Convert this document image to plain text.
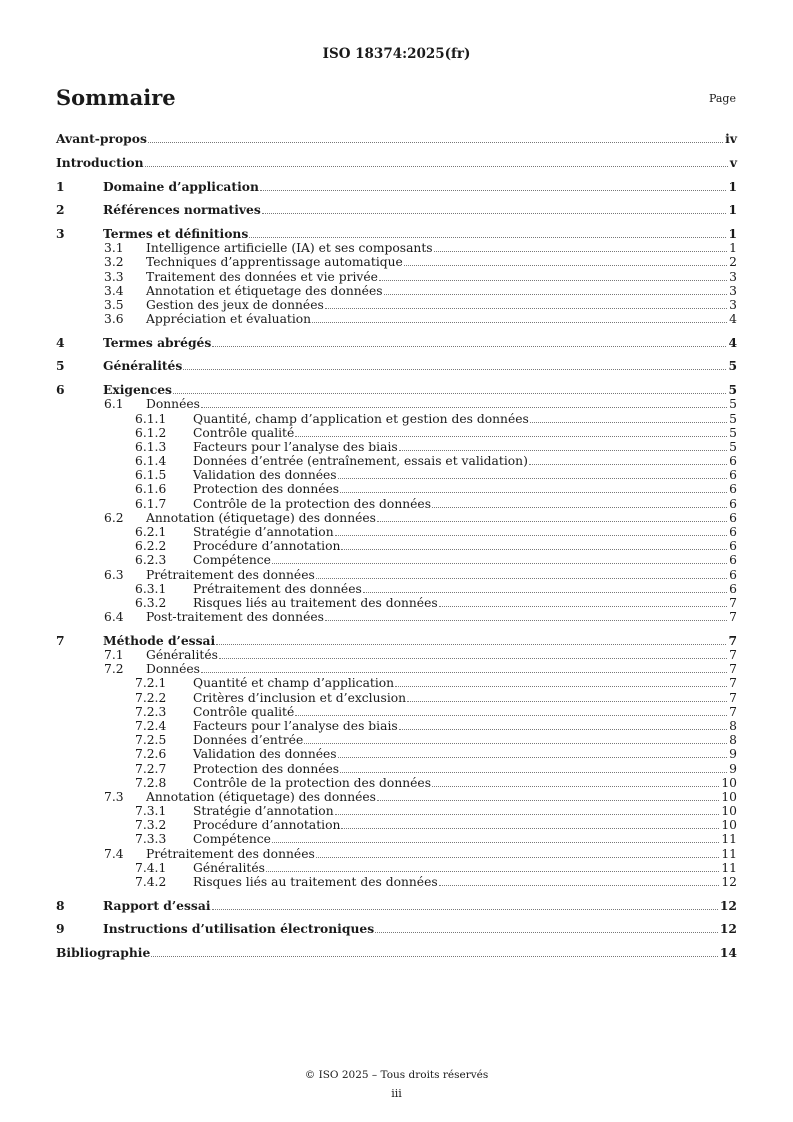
ISO 18374:2025(fr)
Sommaire	Page
Avant-propos	iv
Introduction	v
1	Domaine d’application	1
2	Références normatives	1
3	Termes et définitions	1
3.1 Intelligence artificielle (IA) et ses composants	1
3.2 Techniques d’apprentissage automatique	2
3.3 Traitement des données et vie privée	3
3.4 Annotation et étiquetage des données	3
3.5 Gestion des jeux de données	3
3.6 Appréciation et évaluation	4
4	Termes abrégés	4
5	Généralités	5
6	Exigences	5
6.1 Données	5
6.1.1 Quantité, champ d’application et gestion des données	5
6.1.2 Contrôle qualité	5
6.1.3 Facteurs pour l’analyse des biais	5
6.1.4 Données d’entrée (entraînement, essais et validation)	6
6.1.5 Validation des données	6
6.1.6 Protection des données	6
6.1.7 Contrôle de la protection des données	6
6.2 Annotation (étiquetage) des données	6
6.2.1 Stratégie d’annotation	6
6.2.2 Procédure d’annotation	6
6.2.3 Compétence	6
6.3 Prétraitement des données	6
6.3.1 Prétraitement des données	6
6.3.2 Risques liés au traitement des données	7
6.4 Post-traitement des données	7
7	Méthode d’essai	7
7.1 Généralités	7
7.2 Données	7
7.2.1 Quantité et champ d’application	7
7.2.2 Critères d’inclusion et d’exclusion	7
7.2.3 Contrôle qualité	7
7.2.4 Facteurs pour l’analyse des biais	8
7.2.5 Données d’entrée	8
7.2.6 Validation des données	9
7.2.7 Protection des données	9
7.2.8 Contrôle de la protection des données	10
7.3 Annotation (étiquetage) des données	10
7.3.1 Stratégie d’annotation	10
7.3.2 Procédure d’annotation	10
7.3.3 Compétence	11
7.4 Prétraitement des données	11
7.4.1 Généralités	11
7.4.2 Risques liés au traitement des données	12
8	Rapport d’essai	12
9	Instructions d’utilisation électroniques	12
Bibliographie	14
© ISO 2025 – Tous droits réservés
iii
